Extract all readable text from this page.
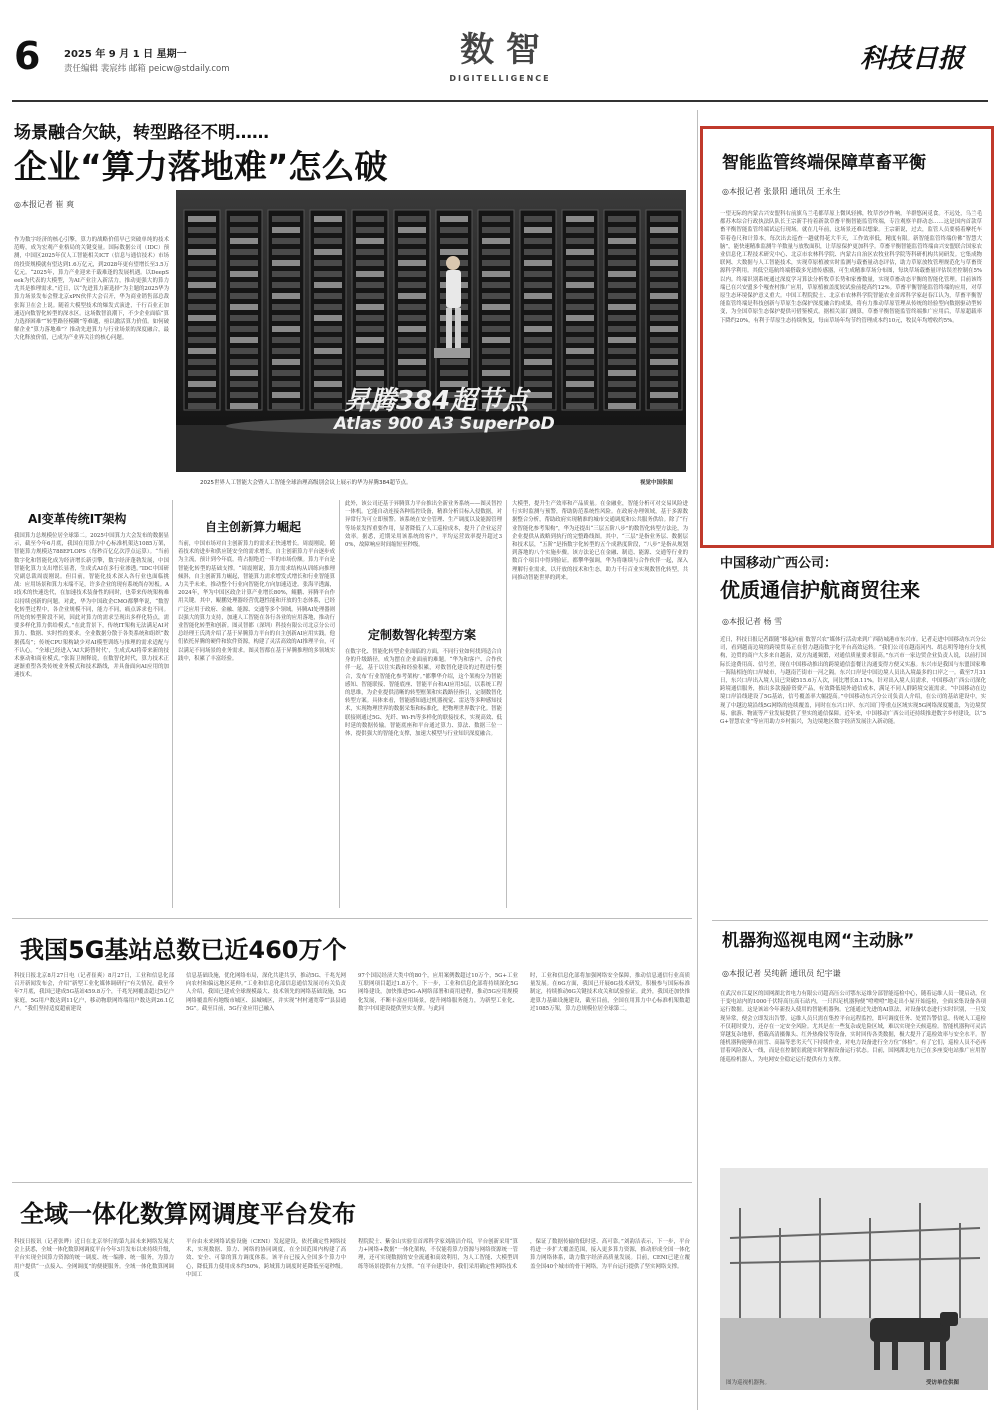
6 2025 年 9 月 1 日 星期一
责任编辑 裴宸纬 邮箱 peicw@stdaily.com	数 智
DIGITELLIGENCE
科技日报
场景融合欠缺，转型路径不明……
企业“算力落地难”怎么破
◎本报记者 崔 爽
昇腾384超节点
Atlas 900 A3 SuperPoD
2025世界人工智能大会暨人工智能全球治理高级别会议上展示的华为昇腾384超节点。	视觉中国供图
作为数字经济的核心引擎，算力的战略价值早已突破单纯的技术范畴，成为宏观产业格局的关键变量。国际数据公司（IDC）预测，中国区2025年仅人工智能相关ICT（信息与通信技术）市场的投资规模就有望达到1.6万亿元，到2028年更有望增长至3.5万亿元。“2025年，算力产业迎来千载难逢的发展机遇。以DeepSeek为代表的大模型，为AI产业注入新活力，推动更强大的算力尤其是推理需求。”近日，以“先进算力新选择”为主题的2025华为算力场景发布会暨北京xPN伙伴大会召开，华为商业销售部总裁张海卫在会上说。随着大模型技术的爆发式演进，千行百业正加速迈向数智化转型的深水区。这场数智浪潮下，不少企业面临“算力选择困难”“转型路径模糊”等难题，亟以激活算力价值。如何破解企业“算力落地难”？推动先进算力与行业场景的深度融合，最大化释放价值，已成为产业界关注的核心问题。
AI变革传统IT架构
我国算力总规模位居全球第二。2025中国算力大会发布的数据显示，截至今年6月底，我国在用算力中心标准机架达1085万架，智能算力规模达788EFLOPS（每秒百亿亿次浮点运算）。“当前数字化和智能化成为经济增长新引擎，数字经济蓬勃发展，中国智能化算力支出增长显著，生成式AI在多行业渗透。”IDC中国研究副总裁周震刚说。但目前，智能化技术深入各行业也面临挑战：应用场景和算力末端不足，许多企业的现有系统尚存短板。AI技术的快速迭代，在加速技术装备性的同时，也带来传统架构难以持续创新的问题。对此，华为中国政企CMO都攀华说，“数智化转型过程中，各企业规模不同，能力不同，痛点诉求也不同。所处的转型阶段不同，因此对算力的需求呈现出多样化特点，需要多样化算力供给模式。”在此背景下，传统IT架构无法满足AI对算力、数据、实时性的要求。全业数据分散于各类系统和组织“数据孤岛”；传统CPU架构缺少对AI模型训练与推理的需求适配与不认心。“全球已经进入‘AI大跨替时代’，生成式AI将带来新的技术驱动和商业模式。”张海卫阐释说，在数智化时代，算力技术正逐渐重塑各类传统业务模式和技术路线，并具备面向AI应用的加速技术。
自主创新算力崛起
当前，中国市场对自主创新算力的需求正快速增长。周震刚说，随着技术的进步和供应链安全的需求增长，自主创新算力平台逐步成为主流，预计到今年底，将占据绝近一半的市场份额。算力平台是智能化转型的基础支撑。“周震刚说，算力需求结构从训练向推理倾斜，自主创新算力崛起，智能算力需求增发式增长和行业智能算力关乎未来，推动整个行业向智能化方向加速迈进。张海平透露，2024年，华为中国区政企计算产业增长80%，鲲鹏、昇腾平台作用关键。其中，鲲鹏处理器经营优越性能和开放的生态体系，已经广泛应用于政府、金融、能源、交通等多个领域。昇腾AI处理器则以强大的算力支持，加速人工智能在各行各业的应用落地，推动行业智能化转型和创新。图灵智都（深圳）科技有限公司北京分公司总经理王氏鸿介绍了基于昇腾算力平台的自主创新AI应用实践。他们依托昇腾的硬件和软件资源，构建了灵活高效的AI推理平台，可以满足不同场景的业务需求。图灵智都在基于昇腾推理的多领域实践中，积累了丰富经验。
此外，该公司还基于昇腾算力平台推出全新业务系统——图灵智控一体机。它能自动连接各种监控设备，精准分析目标入侵数据，对异常行为可立即预警。该系统在安全管理、生产调度以及能源管理等场景发挥重要作用，显著降低了人工巡检成本，提升了企业运营效率。据悉，近期采用该系统的客户，平均运营效率提升超过30%，故障响应时间缩短至秒级。
定制数智化转型方案
在数字化、智能化转型企业面临的方面，不同行业如何找到适合自身的升级路径，成为摆在企业面前的难题。“华为和客户、合作伙伴一起，基于以往实践和经验积累，对数智化建设的过程进行整合，发布‘行业智能化参考架构’。”都攀华介绍，这个架构分为智能感知、智能联接、智能底座、智能平台和AI应用5层，以系统工程的思维，为企业提供清晰的转型框架和实践路径指引，定制数智化转型方案。具体来看，智能感知通过机器视觉、雷达等多种感知技术，实现物理世界的数据采集和标准化，把物理世界数字化。智能联接则通过5G、光纤、Wi-Fi等多样化的联接技术，实现高效、低时延的数据传输。智能底座和平台通过算力、算法、数据三位一体，提供强大的智能化支撑，加速大模型与行业知识深度融合。
大模型，提升生产效率和产品质量。在金融业，智能分析可对交易风险进行实时监测与预警，帮助防范系统性风险。在政府办理领域，基于多源数据整合分析，帮助政府实现精准的城市交通调度和公共服务供给。除了“行业智能化参考架构”，华为还提出“三层五阶八步”的数智化转型方法论，为企业提供从战略到执行的完整路线图。其中，“三层”是指业务层、数据层和技术层，“五阶”是指数字化转型的五个成熟度阶段，“八步”是指从规划到落地的八个实施步骤。该方法论已在金融、制造、能源、交通等行业的数百个项目中得到验证。都攀华强调，华为将继续与合作伙伴一起，深入理解行业需求，以开放的技术和生态，助力千行百业实现数智化转型，共同推动智能世界的到来。
智能监管终端保障草畜平衡
◎本报记者 张景阳 通讯员 王永生
一望无际的内蒙古兴安盟科右前旗乌兰毛都草原上微风轻拂，牧草沙沙作响，羊群悠闲觅食。不远处，乌兰毛都苏木综合行政执法队队长王宗新手持着新款草畜平衡智能监管终端，专注观察羊群动态……这是国内首款草畜平衡智能监管终端试运行现场。就在几年前，这场景还难以想象。王宗新说，过去，监管人员要骑着摩托车带着卷尺和计算本，每次出去巡查一趟就得花大半天，工作效率低，精度有限。新智能监管终端仿佛“智慧大脑”，能快速精准监测牛羊数量与放牧面积，让草原保护更加科学。草畜平衡智能监管终端由兴安盟联合国家农业信息化工程技术研究中心、北京市农林科学院、内蒙古自治区农牧业科学院等科研机构共同研发。它集成物联网、大数据与人工智能技术，实现草原植被实时监测与载畜量动态评估，助力草原放牧管理规范化与草畜资源科学利用。其低空巡航终端搭载多光谱传感器，可生成精准草场分布图，每块草场载畜量评估误差控制在5%以内。终端识别系统通过深度学习算法分析牧草长势和家畜数量，实现草畜动态平衡的智能化管理。目前该终端已在兴安盟多个嘎查村推广应用，草原植被盖度较试验前提高约12%。草畜平衡智能监管终端的应用，对草原生态环境保护意义重大。中国工程院院士、北京市农林科学院智能农业首席科学家赵春江认为，草畜平衡智能监管终端是科技创新与草原生态保护深度融合的成果，将有力推动草原管理从传统的经验型向数据驱动型转变，为全国草原生态保护提供可借鉴模式。据相关部门测算，草畜平衡智能监管终端推广应用后，草原超载率下降约20%，有利于草原生态持续恢复，每亩草场年均节约管理成本约10元，牧民年均增收约5%。
中国移动广西公司：
优质通信护航商贸往来
◎本报记者 杨 雪
近日，科技日报记者跟随“移起向前 数智兴农”媒体行活动来到广西防城港市东兴市。记者走进中国移动东兴分公司，看到越南边境的跨境贸易正在借力越南数字化平台高效运转。“我们公司在越南河内、胡志明等地有分支机构，边贸的商户大多来自越南，双方沟通频繁，对通信质量要求很高。”东兴市一家边贸企业负责人说，以前打国际长途费用高、信号差，现在中国移动推出的跨境通信套餐让沟通变得方便又实惠。东兴市是我国与东盟国家唯一海陆相连的口岸城市，与越南芒街市一河之隔。东兴口岸是中国边境人员出入境最多的口岸之一。截至7月31日，东兴口岸出入境人员已突破515.6万人次，同比增长8.11%。针对出入境人员需求，中国移动广西公司深化跨境通信服务，推出多款漫游资费产品，有效降低境外通信成本，满足不同人群跨境交流需求。“中国移动在边境口岸沿线建设了5G基站，信号覆盖率大幅提高。”中国移动东兴分公司负责人介绍，在公司的基站建设中，实现了中越边境沿线5G网络的连续覆盖，同时在东兴口岸、东兴国门等重点区域实现5G网络深度覆盖，为边境贸易、旅游、物流等产业发展提供了坚实的通信保障。近年来，中国移动广西公司还持续推进数字乡村建设，以“5G+智慧农业”等应用助力乡村振兴，为边境地区数字经济发展注入新动能。
机器狗巡视电网“主动脉”
◎本报记者 吴纯新 通讯员 纪宇谦
在武汉市江夏区的国网湖北省电力有限公司超高压公司鄂东运维分部智能巡检中心，随着运维人员一键启动，位于变电站内的1000千伏特高压高石站内，一只四足机器狗便“噔噔噔”地走出小屋开始巡检，全面采集设备各项运行数据。这是该站今年新投入使用的智能机器狗。它能通过先进的AI算法，对设备状态进行实时识别，一旦发现异常，便会立即发出告警。运维人员只需在集控平台远程监控，即可调度任务、处置告警信息。传统人工巡检不仅耗时费力，还存在一定安全风险。尤其是在一些复杂或危险区域，难以实现全天候巡检。智能机器狗可灵活穿越复杂地形，搭载高清摄像头、红外热像仪等设备，实时回传各类数据，极大提升了巡检效率与安全水平。智能机器狗能够在雨雪、高温等恶劣天气下持续作业，对电力设备进行全方位“体检”。有了它们，巡检人员不必再冒着风险深入一线，而是在控制室就能实时掌握设备运行状态。目前，国网湖北电力已在多座变电站推广应用智能巡检机器人，为电网安全稳定运行提供有力支撑。
图为巡视机器狗。	受访单位供图
我国5G基站总数已近460万个
科技日报北京8月27日电（记者崔爽）8月27日，工业和信息化部召开新闻发布会，介绍“新型工业化媒体调研行”有关情况。截至今年7月底，我国已建成5G基站459.8万个，千兆光网覆盖超过5亿户家庭，5G用户数达到11亿户，移动物联网终端用户数达到26.1亿户。“我们坚持适度超前建设
信息基础设施，优化网络布局，深化共建共享，推动5G、千兆光网向农村和偏远地区延伸。”工业和信息化部信息通信发展司有关负责人介绍，我国已建成全球规模最大、技术领先的网络基础设施，5G网络覆盖所有地级市城区、县城城区，并实现“村村通宽带”“县县通5G”。截至目前，5G行业应用已融入
97个国民经济大类中的80个，应用案例数超过10万个，5G+工业互联网项目超过1.8万个。下一步，工业和信息化部将持续深化5G网络建设，加快推进5G-A网络部署和商用进程，推动5G应用规模化发展，不断丰富应用场景，提升网络服务能力，为新型工业化、数字中国建设提供坚实支撑。与此同
时，工业和信息化部将加强网络安全保障，推动信息通信行业高质量发展。在6G方面，我国已开展6G技术研发，积极参与国际标准制定，持续推动6G关键技术攻关和试验验证。此外，我国还加快推进算力基础设施建设，截至目前，全国在用算力中心标准机架数超过1085万架，算力总规模位居全球第二。
全域一体化数算网调度平台发布
科技日报讯（记者张晔）近日在北京举行的第九届未来网络发展大会上获悉，全域一体化数算网调度平台今年3月发布以来持续升级，平台实现全国算力资源的统一调度、统一编排、统一服务，为算力用户提供“一点接入、全网调度”的便捷服务。全域一体化数算网调度
平台由未来网络试验设施（CENI）发起建设，依托确定性网络技术，实现数据、算力、网络的协同调度，在全国范围内构建了高效、安全、可靠的算力调度体系。该平台已接入全国多个算力中心，降低算力使用成本约50%，跨域算力调度时延降低至毫秒级。中国工
程院院士、紫金山实验室首席科学家刘韵洁介绍，平台创新采用“算力+网络+数据”一体化架构，不仅能将算力资源与网络资源统一管理，还可实现数据的安全流通和高效利用，为人工智能、大模型训练等场景提供有力支撑。“在平台建设中，我们采用确定性网络技术
，保证了数据传输的低时延、高可靠。”刘韵洁表示，下一步，平台将进一步扩大覆盖范围，接入更多算力资源，推动形成全国一体化算力网络体系，助力数字经济高质量发展。目前，CENI已建立覆盖全国40个城市的骨干网络，为平台运行提供了坚实网络支撑。
